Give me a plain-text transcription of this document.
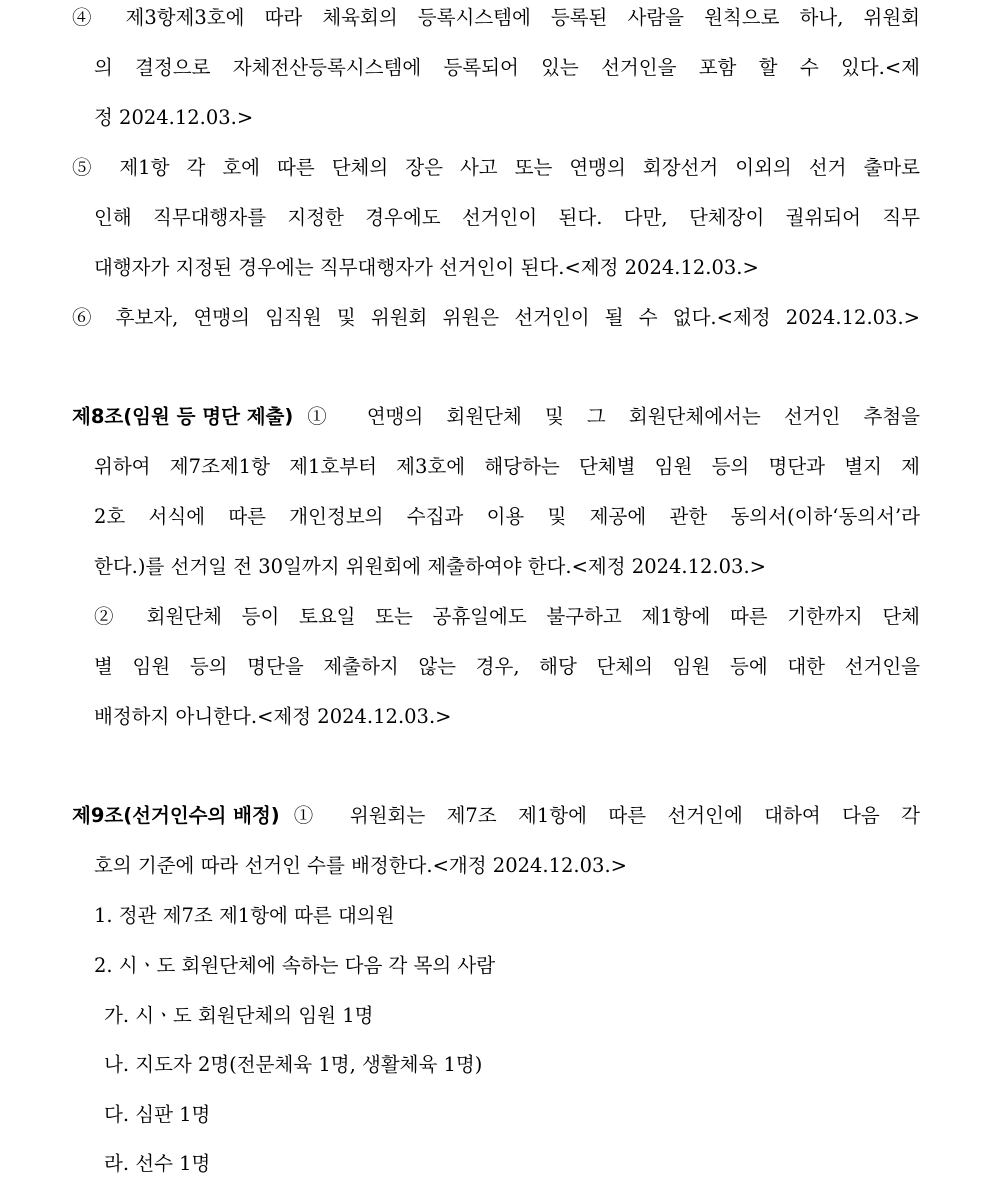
④ 제3항제3호에 따라 체육회의 등록시스템에 등록된 사람을 원칙으로 하나, 위원회
의 결정으로 자체전산등록시스템에 등록되어 있는 선거인을 포함 할 수 있다.<제
정 2024.12.03.>
⑤ 제1항 각 호에 따른 단체의 장은 사고 또는 연맹의 회장선거 이외의 선거 출마로
인해 직무대행자를 지정한 경우에도 선거인이 된다. 다만, 단체장이 궐위되어 직무
대행자가 지정된 경우에는 직무대행자가 선거인이 된다.<제정 2024.12.03.>
⑥ 후보자, 연맹의 임직원 및 위원회 위원은 선거인이 될 수 없다.<제정 2024.12.03.>
제8조(임원 등 명단 제출) ① 연맹의 회원단체 및 그 회원단체에서는 선거인 추첨을
위하여 제7조제1항 제1호부터 제3호에 해당하는 단체별 임원 등의 명단과 별지 제
2호 서식에 따른 개인정보의 수집과 이용 및 제공에 관한 동의서(이하‘동의서’라
한다.)를 선거일 전 30일까지 위원회에 제출하여야 한다.<제정 2024.12.03.>
② 회원단체 등이 토요일 또는 공휴일에도 불구하고 제1항에 따른 기한까지 단체
별 임원 등의 명단을 제출하지 않는 경우, 해당 단체의 임원 등에 대한 선거인을
배정하지 아니한다.<제정 2024.12.03.>
제9조(선거인수의 배정) ① 위원회는 제7조 제1항에 따른 선거인에 대하여 다음 각
호의 기준에 따라 선거인 수를 배정한다.<개정 2024.12.03.>
1. 정관 제7조 제1항에 따른 대의원
2. 시ㆍ도 회원단체에 속하는 다음 각 목의 사람
가. 시ㆍ도 회원단체의 임원 1명
나. 지도자 2명(전문체육 1명, 생활체육 1명)
다. 심판 1명
라. 선수 1명
